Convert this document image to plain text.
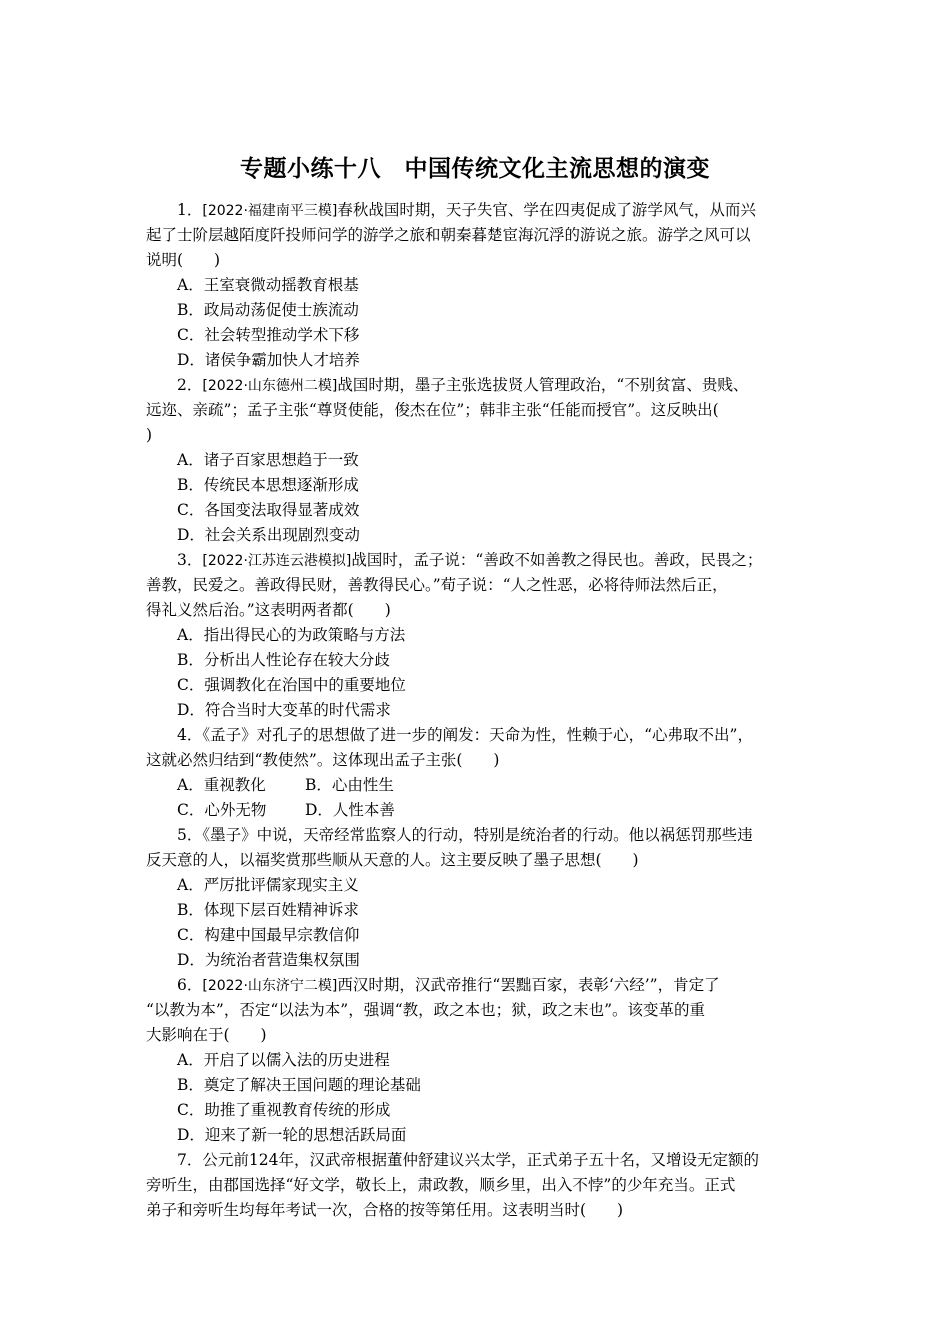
专题小练十八　中国传统文化主流思想的演变
1．[2022·福建南平三模]春秋战国时期，天子失官、学在四夷促成了游学风气，从而兴
起了士阶层越陌度阡投师问学的游学之旅和朝秦暮楚宦海沉浮的游说之旅。游学之风可以
说明(　　)
A．王室衰微动摇教育根基
B．政局动荡促使士族流动
C．社会转型推动学术下移
D．诸侯争霸加快人才培养
2．[2022·山东德州二模]战国时期，墨子主张选拔贤人管理政治，“不别贫富、贵贱、
远迩、亲疏”；孟子主张“尊贤使能，俊杰在位”；韩非主张“任能而授官”。这反映出(
)
A．诸子百家思想趋于一致
B．传统民本思想逐渐形成
C．各国变法取得显著成效
D．社会关系出现剧烈变动
3．[2022·江苏连云港模拟]战国时，孟子说：“善政不如善教之得民也。善政，民畏之；
善教，民爱之。善政得民财，善教得民心。”荀子说：“人之性恶，必将待师法然后正，
得礼义然后治。”这表明两者都(　　)
A．指出得民心的为政策略与方法
B．分析出人性论存在较大分歧
C．强调教化在治国中的重要地位
D．符合当时大变革的时代需求
4．《孟子》对孔子的思想做了进一步的阐发：天命为性，性赖于心，“心弗取不出”，
这就必然归结到“教使然”。这体现出孟子主张(　　)
A．重视教化	B．心由性生
C．心外无物 D．人性本善
5．《墨子》中说，天帝经常监察人的行动，特别是统治者的行动。他以祸惩罚那些违
反天意的人，以福奖赏那些顺从天意的人。这主要反映了墨子思想(　　)
A．严厉批评儒家现实主义
B．体现下层百姓精神诉求
C．构建中国最早宗教信仰
D．为统治者营造集权氛围
6．[2022·山东济宁二模]西汉时期，汉武帝推行“罢黜百家，表彰‘六经’”，肯定了
“以教为本”，否定“以法为本”，强调“教，政之本也；狱，政之末也”。该变革的重
大影响在于(　　)
A．开启了以儒入法的历史进程
B．奠定了解决王国问题的理论基础
C．助推了重视教育传统的形成
D．迎来了新一轮的思想活跃局面
7．公元前124年，汉武帝根据董仲舒建议兴太学，正式弟子五十名，又增设无定额的
旁听生，由郡国选择“好文学，敬长上，肃政教，顺乡里，出入不悖”的少年充当。正式
弟子和旁听生均每年考试一次，合格的按等第任用。这表明当时(　　)
